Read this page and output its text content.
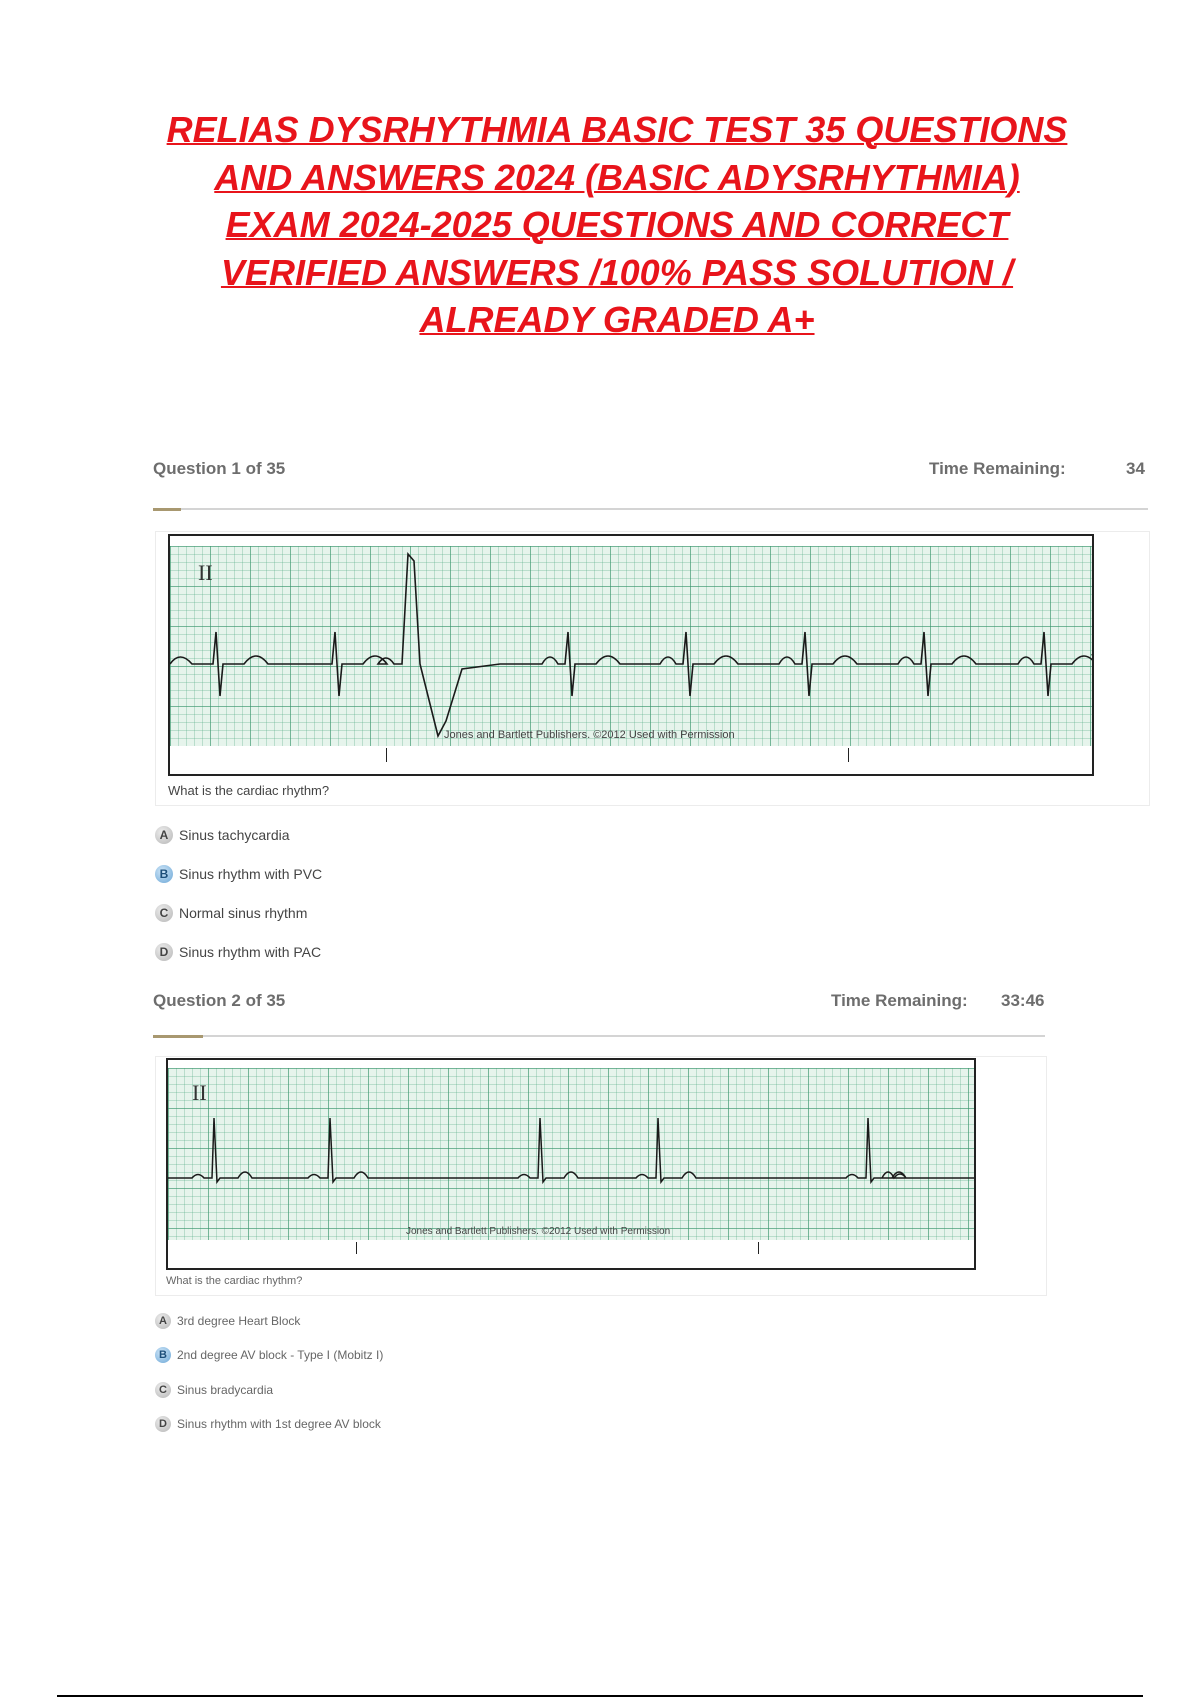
RELIAS DYSRHYTHMIA BASIC TEST 35 QUESTIONS
AND ANSWERS 2024 (BASIC ADYSRHYTHMIA)
EXAM 2024-2025 QUESTIONS AND CORRECT
VERIFIED ANSWERS /100% PASS SOLUTION /
ALREADY GRADED A+
Question 1 of 35	Time Remaining:	34
II
Jones and Bartlett Publishers. ©2012 Used with Permission
What is the cardiac rhythm?
A Sinus tachycardia
B Sinus rhythm with PVC
C Normal sinus rhythm
D Sinus rhythm with PAC
Question 2 of 35	Time Remaining: 33:46
II
Jones and Bartlett Publishers. ©2012 Used with Permission
What is the cardiac rhythm?
A 3rd degree Heart Block
B 2nd degree AV block - Type I (Mobitz I)
C Sinus bradycardia
D Sinus rhythm with 1st degree AV block
